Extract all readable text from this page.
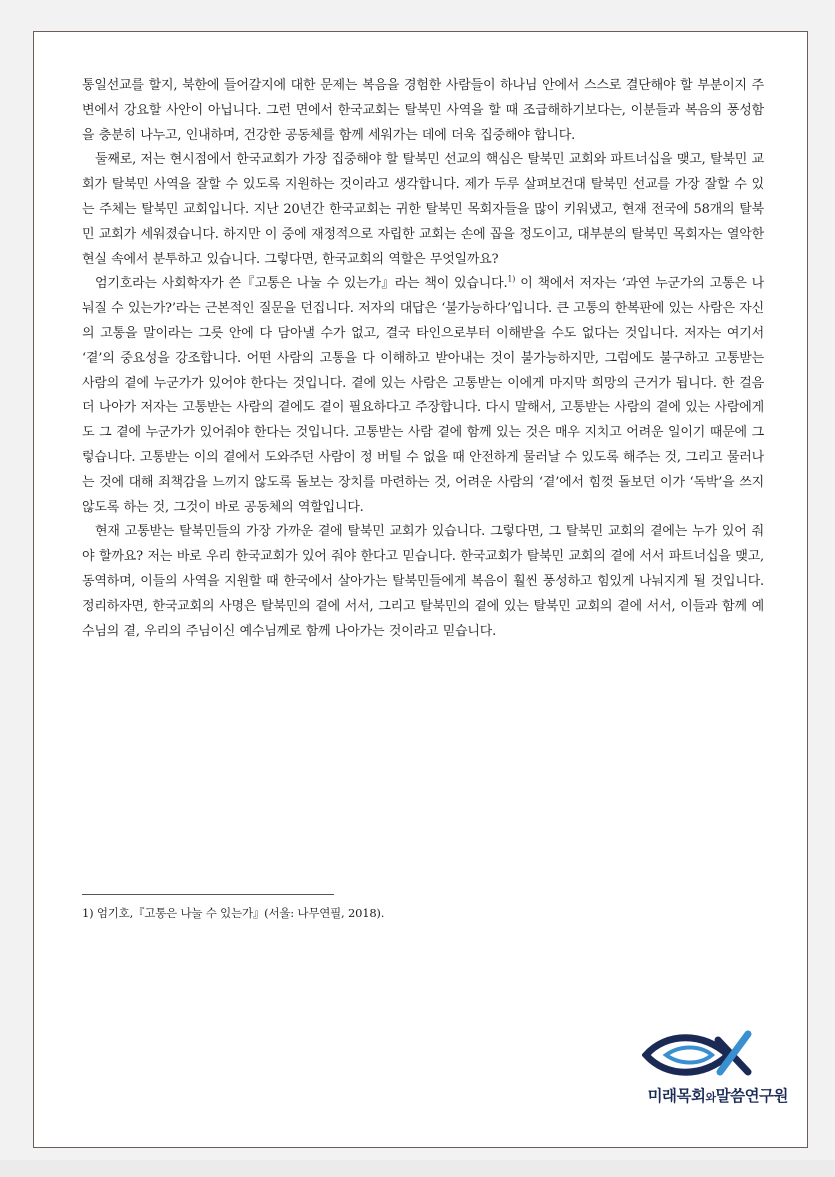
통일선교를 할지, 북한에 들어갈지에 대한 문제는 복음을 경험한 사람들이 하나님 안에서 스스로 결단해야 할 부분이지 주변에서 강요할 사안이 아닙니다. 그런 면에서 한국교회는 탈북민 사역을 할 때 조급해하기보다는, 이분들과 복음의 풍성함을 충분히 나누고, 인내하며, 건강한 공동체를 함께 세워가는 데에 더욱 집중해야 합니다.

둘째로, 저는 현시점에서 한국교회가 가장 집중해야 할 탈북민 선교의 핵심은 탈북민 교회와 파트너십을 맺고, 탈북민 교회가 탈북민 사역을 잘할 수 있도록 지원하는 것이라고 생각합니다. 제가 두루 살펴보건대 탈북민 선교를 가장 잘할 수 있는 주체는 탈북민 교회입니다. 지난 20년간 한국교회는 귀한 탈북민 목회자들을 많이 키워냈고, 현재 전국에 58개의 탈북민 교회가 세워졌습니다. 하지만 이 중에 재정적으로 자립한 교회는 손에 꼽을 정도이고, 대부분의 탈북민 목회자는 열악한 현실 속에서 분투하고 있습니다. 그렇다면, 한국교회의 역할은 무엇일까요?

엄기호라는 사회학자가 쓴『고통은 나눌 수 있는가』라는 책이 있습니다.$^{1)}$ 이 책에서 저자는 ‘과연 누군가의 고통은 나눠질 수 있는가?’라는 근본적인 질문을 던집니다. 저자의 대답은 ‘불가능하다’입니다. 큰 고통의 한복판에 있는 사람은 자신의 고통을 말이라는 그릇 안에 다 담아낼 수가 없고, 결국 타인으로부터 이해받을 수도 없다는 것입니다. 저자는 여기서 ‘곁’의 중요성을 강조합니다. 어떤 사람의 고통을 다 이해하고 받아내는 것이 불가능하지만, 그럼에도 불구하고 고통받는 사람의 곁에 누군가가 있어야 한다는 것입니다. 곁에 있는 사람은 고통받는 이에게 마지막 희망의 근거가 됩니다. 한 걸음 더 나아가 저자는 고통받는 사람의 곁에도 곁이 필요하다고 주장합니다. 다시 말해서, 고통받는 사람의 곁에 있는 사람에게도 그 곁에 누군가가 있어줘야 한다는 것입니다. 고통받는 사람 곁에 함께 있는 것은 매우 지치고 어려운 일이기 때문에 그렇습니다. 고통받는 이의 곁에서 도와주던 사람이 정 버틸 수 없을 때 안전하게 물러날 수 있도록 해주는 것, 그리고 물러나는 것에 대해 죄책감을 느끼지 않도록 돌보는 장치를 마련하는 것, 어려운 사람의 ‘곁’에서 힘껏 돌보던 이가 ‘독박’을 쓰지 않도록 하는 것, 그것이 바로 공동체의 역할입니다.

현재 고통받는 탈북민들의 가장 가까운 곁에 탈북민 교회가 있습니다. 그렇다면, 그 탈북민 교회의 곁에는 누가 있어 줘야 할까요? 저는 바로 우리 한국교회가 있어 줘야 한다고 믿습니다. 한국교회가 탈북민 교회의 곁에 서서 파트너십을 맺고, 동역하며, 이들의 사역을 지원할 때 한국에서 살아가는 탈북민들에게 복음이 훨씬 풍성하고 힘있게 나눠지게 될 것입니다. 정리하자면, 한국교회의 사명은 탈북민의 곁에 서서, 그리고 탈북민의 곁에 있는 탈북민 교회의 곁에 서서, 이들과 함께 예수님의 곁, 우리의 주님이신 예수님께로 함께 나아가는 것이라고 믿습니다.

1) 엄기호,『고통은 나눌 수 있는가』(서울: 나무연필, 2018).
미래목회와말씀연구원
